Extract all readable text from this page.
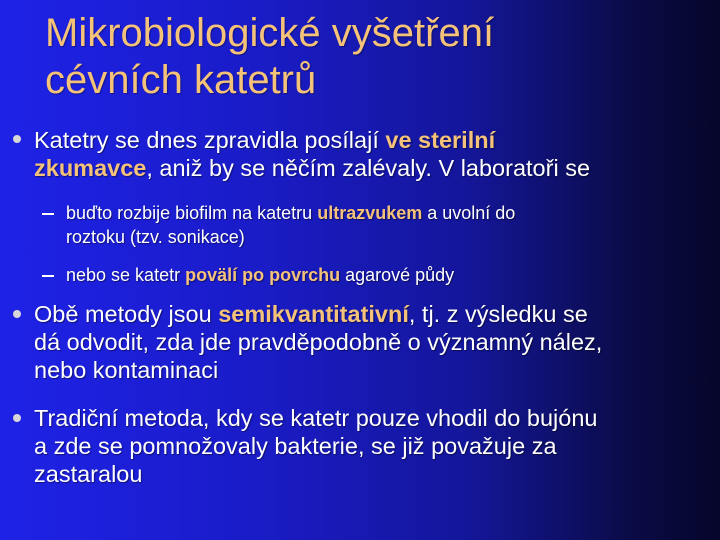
Mikrobiologické vyšetření
cévních katetrů
Katetry se dnes zpravidla posílají ve sterilní
zkumavce, aniž by se něčím zalévaly. V laboratoři se
buďto rozbije biofilm na katetru ultrazvukem a uvolní do
roztoku (tzv. sonikace)
nebo se katetr povälí po povrchu agarové půdy
Obě metody jsou semikvantitativní, tj. z výsledku se
dá odvodit, zda jde pravděpodobně o významný nález,
nebo kontaminaci
Tradiční metoda, kdy se katetr pouze vhodil do bujónu
a zde se pomnožovaly bakterie, se již považuje za
zastaralou
